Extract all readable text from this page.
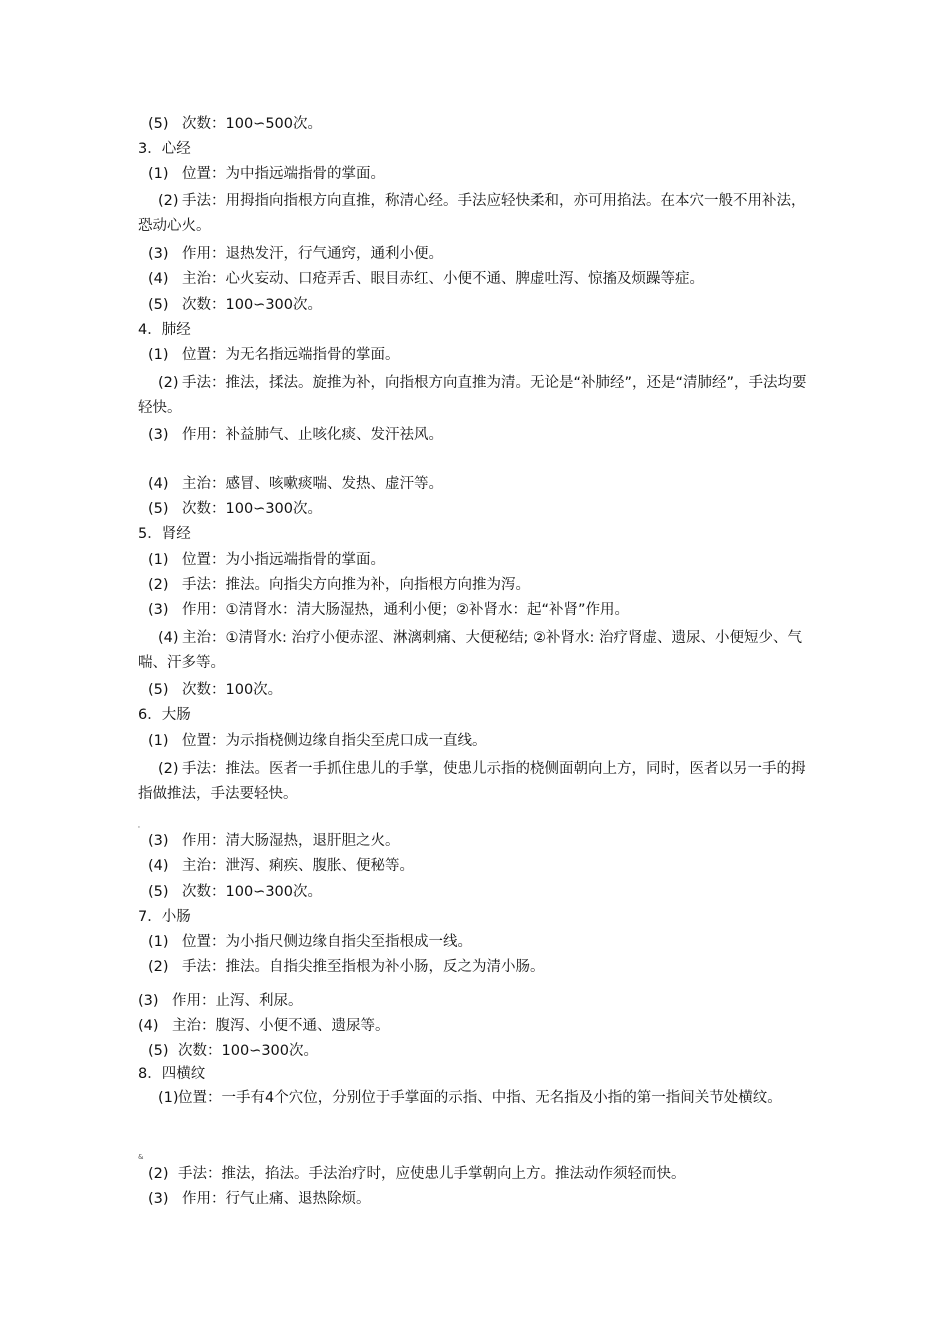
(5) 次数：100∽500次。
3．心经
(1) 位置：为中指远端指骨的掌面。
(2) 手法：用拇指向指根方向直推，称清心经。手法应轻快柔和，亦可用掐法。在本穴一般不用补法，恐动心火。
(3) 作用：退热发汗，行气通窍，通利小便。
(4) 主治：心火妄动、口疮弄舌、眼目赤红、小便不通、脾虚吐泻、惊搐及烦躁等症。
(5) 次数：100∽300次。
4．肺经
(1) 位置：为无名指远端指骨的掌面。
(2) 手法：推法，揉法。旋推为补，向指根方向直推为清。无论是“补肺经”，还是“清肺经”，手法均要轻快。
(3) 作用：补益肺气、止咳化痰、发汗祛风。
(4) 主治：感冒、咳嗽痰喘、发热、虚汗等。
(5) 次数：100∽300次。
5．肾经
(1) 位置：为小指远端指骨的掌面。
(2) 手法：推法。向指尖方向推为补，向指根方向推为泻。
(3) 作用：①清肾水：清大肠湿热，通利小便；②补肾水：起“补肾”作用。
(4) 主治：①清肾水: 治疗小便赤涩、淋漓刺痛、大便秘结; ②补肾水: 治疗肾虚、遗尿、小便短少、气喘、汗多等。
(5) 次数：100次。
6．大肠
(1) 位置：为示指桡侧边缘自指尖至虎口成一直线。
(2) 手法：推法。医者一手抓住患儿的手掌，使患儿示指的桡侧面朝向上方，同时，医者以另一手的拇指做推法，手法要轻快。
'
(3) 作用：清大肠湿热，退肝胆之火。
(4) 主治：泄泻、痢疾、腹胀、便秘等。
(5) 次数：100∽300次。
7．小肠
(1) 位置：为小指尺侧边缘自指尖至指根成一线。
(2) 手法：推法。自指尖推至指根为补小肠，反之为清小肠。
(3) 作用：止泻、利尿。
(4) 主治：腹泻、小便不通、遗尿等。
(5) 次数：100∽300次。
8．四横纹
(1)位置：一手有4个穴位，分别位于手掌面的示指、中指、无名指及小指的第一指间关节处横纹。
&
(2) 手法：推法，掐法。手法治疗时，应使患儿手掌朝向上方。推法动作须轻而快。
(3) 作用：行气止痛、退热除烦。
